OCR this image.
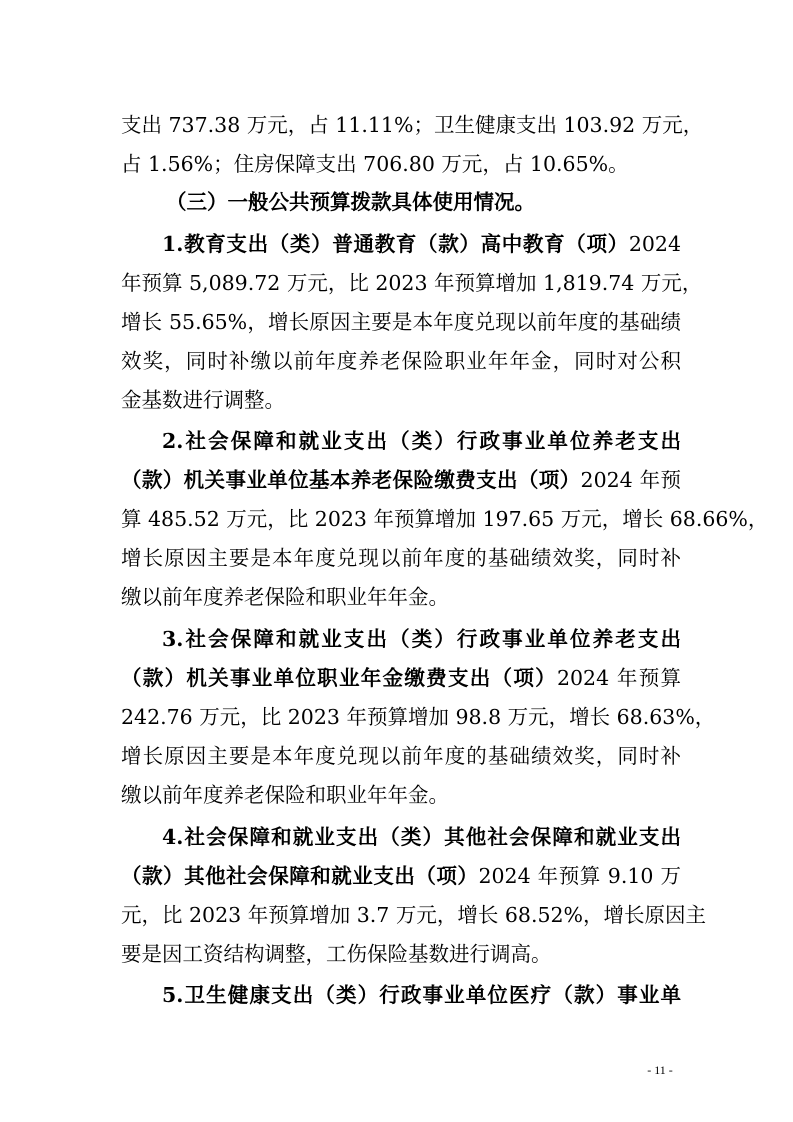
支出 737.38 万元，占 11.11%；卫生健康支出 103.92 万元，
占 1.56%；住房保障支出 706.80 万元，占 10.65%。
（三）一般公共预算拨款具体使用情况。
1.教育支出（类）普通教育（款）高中教育（项）2024
年预算 5,089.72 万元，比 2023 年预算增加 1,819.74 万元，
增长 55.65%，增长原因主要是本年度兑现以前年度的基础绩
效奖，同时补缴以前年度养老保险职业年年金，同时对公积
金基数进行调整。
2.社会保障和就业支出（类）行政事业单位养老支出
（款）机关事业单位基本养老保险缴费支出（项）2024 年预
算 485.52 万元，比 2023 年预算增加 197.65 万元，增长 68.66%，
增长原因主要是本年度兑现以前年度的基础绩效奖，同时补
缴以前年度养老保险和职业年年金。
3.社会保障和就业支出（类）行政事业单位养老支出
（款）机关事业单位职业年金缴费支出（项）2024 年预算
242.76 万元，比 2023 年预算增加 98.8 万元，增长 68.63%，
增长原因主要是本年度兑现以前年度的基础绩效奖，同时补
缴以前年度养老保险和职业年年金。
4.社会保障和就业支出（类）其他社会保障和就业支出
（款）其他社会保障和就业支出（项）2024 年预算 9.10 万
元，比 2023 年预算增加 3.7 万元，增长 68.52%，增长原因主
要是因工资结构调整，工伤保险基数进行调高。
5.卫生健康支出（类）行政事业单位医疗（款）事业单
- 11 -
